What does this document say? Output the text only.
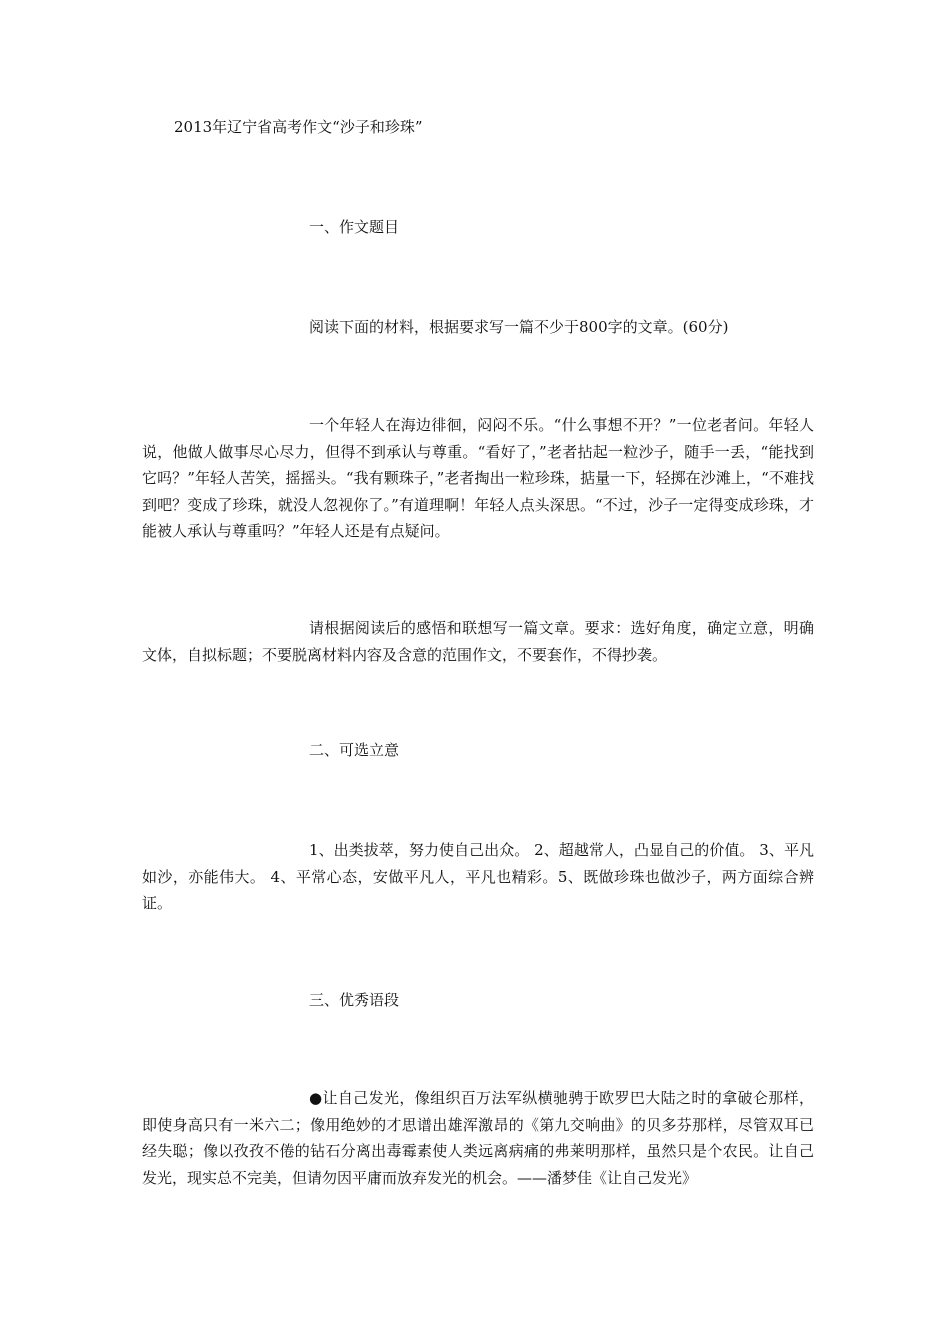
2013年辽宁省高考作文“沙子和珍珠”
一、作文题目
阅读下面的材料，根据要求写一篇不少于800字的文章。(60分)
一个年轻人在海边徘徊，闷闷不乐。“什么事想不开？”一位老者问。年轻人说，他做人做事尽心尽力，但得不到承认与尊重。“看好了，”老者拈起一粒沙子，随手一丢，“能找到它吗？”年轻人苦笑，摇摇头。“我有颗珠子，”老者掏出一粒珍珠，掂量一下，轻掷在沙滩上，“不难找到吧？变成了珍珠，就没人忽视你了。”有道理啊！年轻人点头深思。“不过，沙子一定得变成珍珠，才能被人承认与尊重吗？”年轻人还是有点疑问。
请根据阅读后的感悟和联想写一篇文章。要求：选好角度，确定立意，明确文体，自拟标题；不要脱离材料内容及含意的范围作文，不要套作，不得抄袭。
二、可选立意
1、出类拔萃，努力使自己出众。 2、超越常人，凸显自己的价值。 3、平凡如沙，亦能伟大。 4、平常心态，安做平凡人，平凡也精彩。5、既做珍珠也做沙子，两方面综合辨证。
三、优秀语段
●让自己发光，像组织百万法军纵横驰骋于欧罗巴大陆之时的拿破仑那样，即使身高只有一米六二；像用绝妙的才思谱出雄浑激昂的《第九交响曲》的贝多芬那样，尽管双耳已经失聪；像以孜孜不倦的钻石分离出毒霉素使人类远离病痛的弗莱明那样，虽然只是个农民。让自己发光，现实总不完美，但请勿因平庸而放弃发光的机会。——潘梦佳《让自己发光》
